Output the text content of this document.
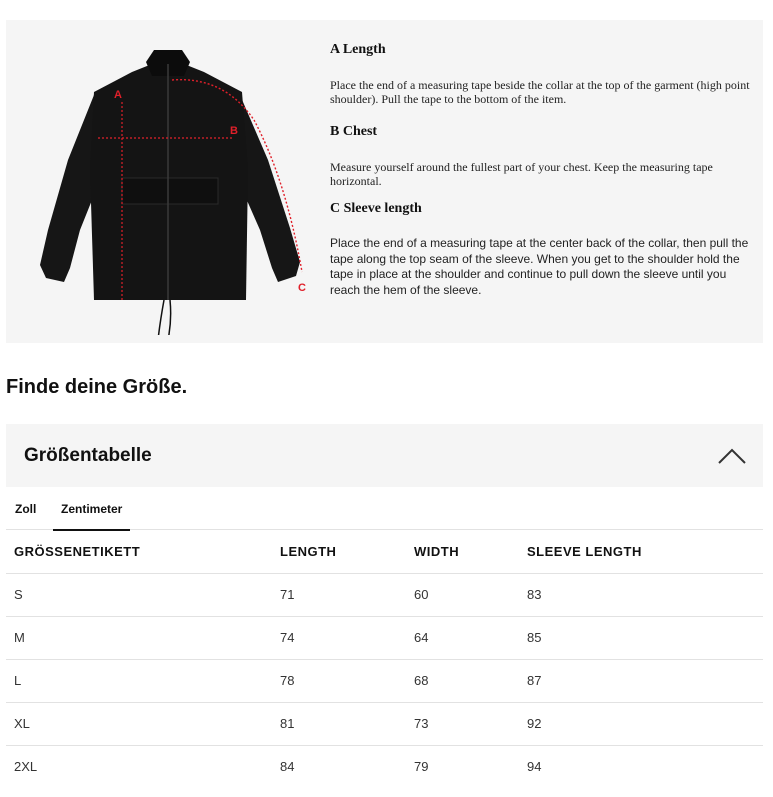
A
B
C
A Length
Place the end of a measuring tape beside the collar at the top of the garment (high point shoulder). Pull the tape to the bottom of the item.
B Chest
Measure yourself around the fullest part of your chest. Keep the measuring tape horizontal.
C Sleeve length
Place the end of a measuring tape at the center back of the collar, then pull the tape along the top seam of the sleeve. When you get to the shoulder hold the tape in place at the shoulder and continue to pull down the sleeve until you reach the hem of the sleeve.
Finde deine Größe.
Größentabelle
Zoll Zentimeter
GRÖSSENETIKETT	LENGTH	WIDTH	SLEEVE LENGTH
S	71	60	83
M	74	64	85
L	78	68	87
XL	81	73	92
2XL	84	79	94
